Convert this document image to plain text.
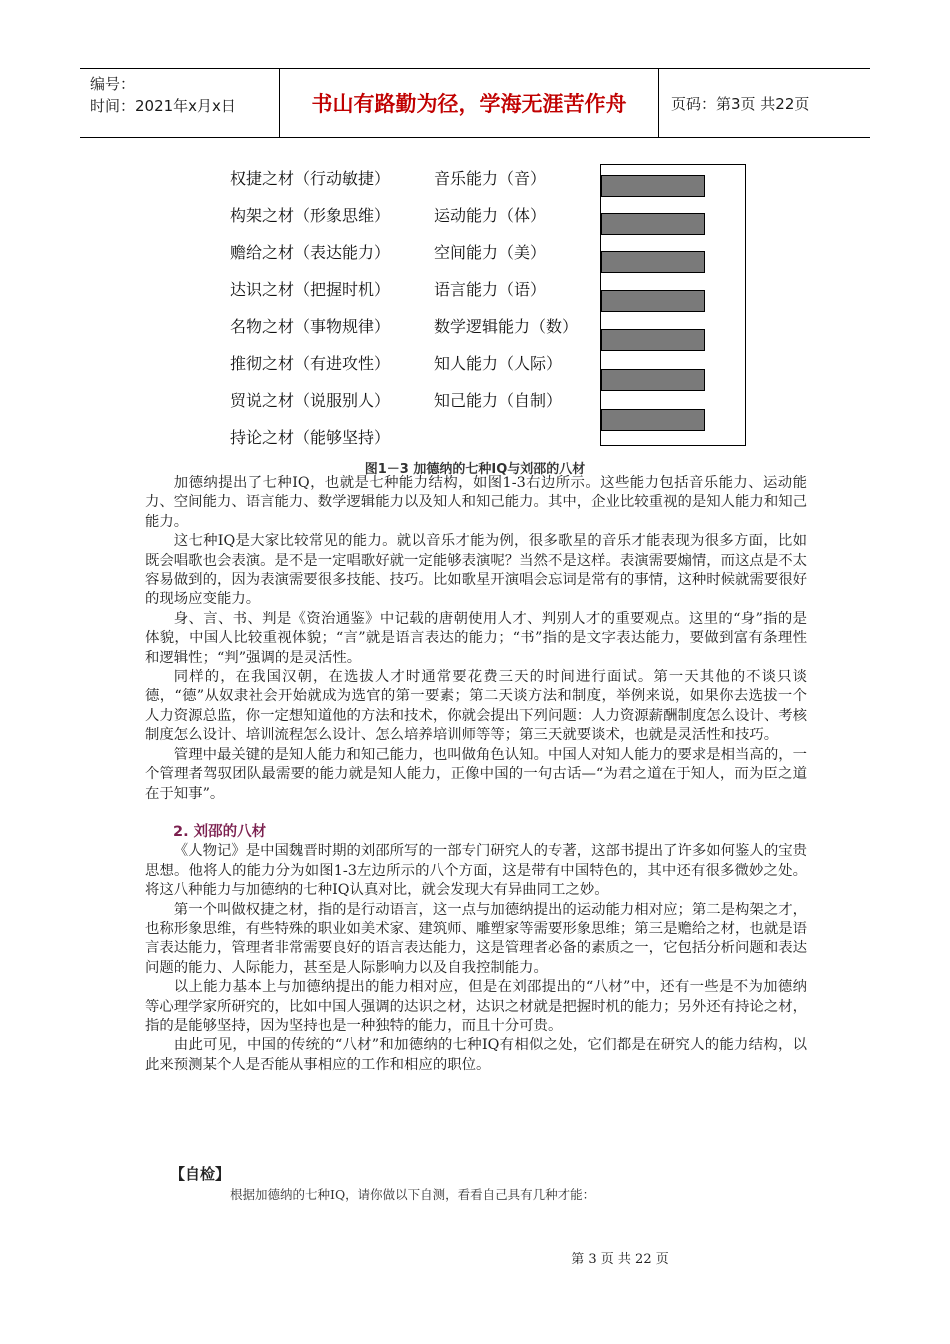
编号：
时间：2021年x月x日	书山有路勤为径，学海无涯苦作舟	页码：第3页 共22页
权捷之材（行动敏捷）
构架之材（形象思维）
赡给之材（表达能力）
达识之材（把握时机）
名物之材（事物规律）
推彻之材（有进攻性）
贸说之材（说服别人）
持论之材（能够坚持）
音乐能力（音）
运动能力（体）
空间能力（美）
语言能力（语）
数学逻辑能力（数）
知人能力（人际）
知己能力（自制）
图1－3 加德纳的七种IQ与刘邵的八材

加德纳提出了七种IQ，也就是七种能力结构，如图1-3右边所示。这些能力包括音乐能力、运动能力、空间能力、语言能力、数学逻辑能力以及知人和知己能力。其中，企业比较重视的是知人能力和知己能力。

这七种IQ是大家比较常见的能力。就以音乐才能为例，很多歌星的音乐才能表现为很多方面，比如既会唱歌也会表演。是不是一定唱歌好就一定能够表演呢？当然不是这样。表演需要煽情，而这点是不太容易做到的，因为表演需要很多技能、技巧。比如歌星开演唱会忘词是常有的事情，这种时候就需要很好的现场应变能力。

身、言、书、判是《资治通鉴》中记载的唐朝使用人才、判别人才的重要观点。这里的“身”指的是体貌，中国人比较重视体貌；“言”就是语言表达的能力；“书”指的是文字表达能力，要做到富有条理性和逻辑性；“判”强调的是灵活性。

同样的，在我国汉朝，在选拔人才时通常要花费三天的时间进行面试。第一天其他的不谈只谈德，“德”从奴隶社会开始就成为选官的第一要素；第二天谈方法和制度，举例来说，如果你去选拔一个人力资源总监，你一定想知道他的方法和技术，你就会提出下列问题：人力资源薪酬制度怎么设计、考核制度怎么设计、培训流程怎么设计、怎么培养培训师等等；第三天就要谈术，也就是灵活性和技巧。

管理中最关键的是知人能力和知己能力，也叫做角色认知。中国人对知人能力的要求是相当高的，一个管理者驾驭团队最需要的能力就是知人能力，正像中国的一句古话—“为君之道在于知人，而为臣之道在于知事”。

2. 刘邵的八材

《人物记》是中国魏晋时期的刘邵所写的一部专门研究人的专著，这部书提出了许多如何鉴人的宝贵思想。他将人的能力分为如图1-3左边所示的八个方面，这是带有中国特色的，其中还有很多微妙之处。将这八种能力与加德纳的七种IQ认真对比，就会发现大有异曲同工之妙。

第一个叫做权捷之材，指的是行动语言，这一点与加德纳提出的运动能力相对应；第二是构架之才，也称形象思维，有些特殊的职业如美术家、建筑师、雕塑家等需要形象思维；第三是赡给之材，也就是语言表达能力，管理者非常需要良好的语言表达能力，这是管理者必备的素质之一，它包括分析问题和表达问题的能力、人际能力，甚至是人际影响力以及自我控制能力。

以上能力基本上与加德纳提出的能力相对应，但是在刘邵提出的“八材”中，还有一些是不为加德纳等心理学家所研究的，比如中国人强调的达识之材，达识之材就是把握时机的能力；另外还有持论之材，指的是能够坚持，因为坚持也是一种独特的能力，而且十分可贵。

由此可见，中国的传统的“八材”和加德纳的七种IQ有相似之处，它们都是在研究人的能力结构，以此来预测某个人是否能从事相应的工作和相应的职位。

【自检】
根据加德纳的七种IQ，请你做以下自测，看看自己具有几种才能：
第 3 页 共 22 页
